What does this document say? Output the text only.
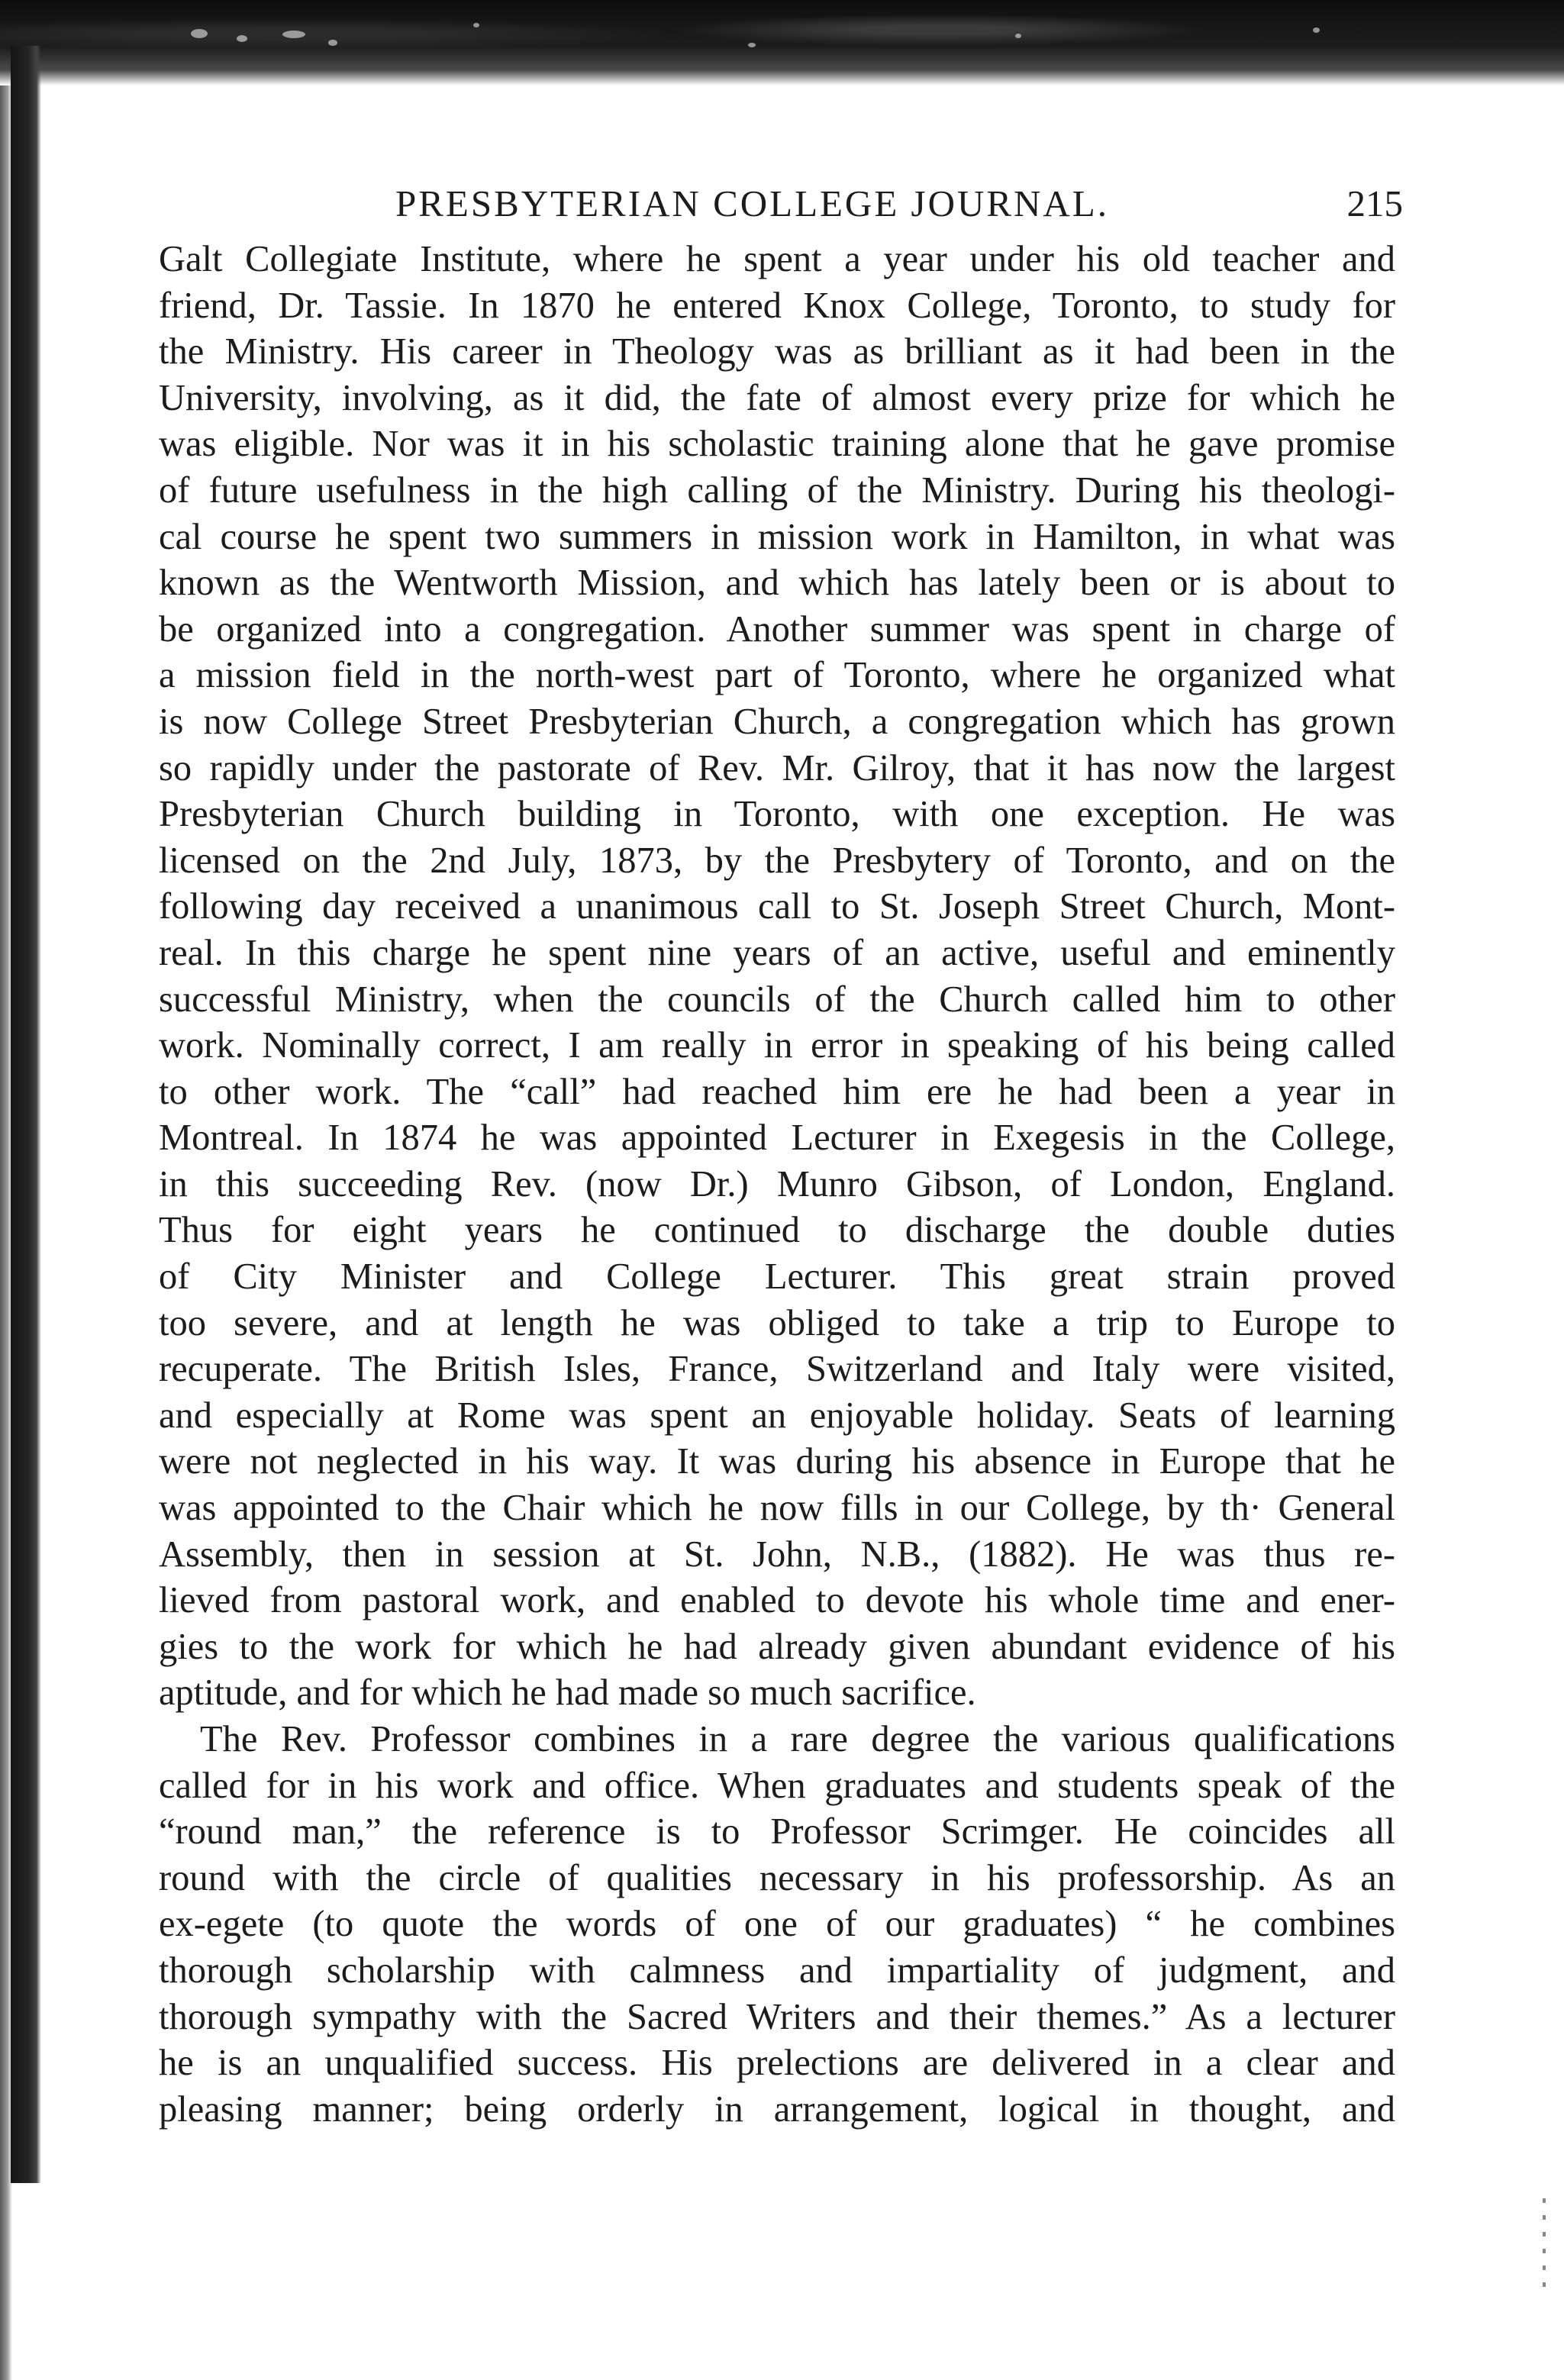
PRESBYTERIAN COLLEGE JOURNAL.	215
Galt Collegiate Institute, where he spent a year under his old teacher and
friend, Dr. Tassie. In 1870 he entered Knox College, Toronto, to study for
the Ministry. His career in Theology was as brilliant as it had been in the
University, involving, as it did, the fate of almost every prize for which he
was eligible. Nor was it in his scholastic training alone that he gave promise
of future usefulness in the high calling of the Ministry. During his theologi-
cal course he spent two summers in mission work in Hamilton, in what was
known as the Wentworth Mission, and which has lately been or is about to
be organized into a congregation. Another summer was spent in charge of
a mission field in the north-west part of Toronto, where he organized what
is now College Street Presbyterian Church, a congregation which has grown
so rapidly under the pastorate of Rev. Mr. Gilroy, that it has now the largest
Presbyterian Church building in Toronto, with one exception. He was
licensed on the 2nd July, 1873, by the Presbytery of Toronto, and on the
following day received a unanimous call to St. Joseph Street Church, Mont-
real. In this charge he spent nine years of an active, useful and eminently
successful Ministry, when the councils of the Church called him to other
work. Nominally correct, I am really in error in speaking of his being called
to other work. The “call” had reached him ere he had been a year in
Montreal. In 1874 he was appointed Lecturer in Exegesis in the College,
in this succeeding Rev. (now Dr.) Munro Gibson, of London, England.
Thus for eight years he continued to discharge the double duties
of City Minister and College Lecturer. This great strain proved
too severe, and at length he was obliged to take a trip to Europe to
recuperate. The British Isles, France, Switzerland and Italy were visited,
and especially at Rome was spent an enjoyable holiday. Seats of learning
were not neglected in his way. It was during his absence in Europe that he
was appointed to the Chair which he now fills in our College, by th· General
Assembly, then in session at St. John, N.B., (1882). He was thus re-
lieved from pastoral work, and enabled to devote his whole time and ener-
gies to the work for which he had already given abundant evidence of his
aptitude, and for which he had made so much sacrifice.
The Rev. Professor combines in a rare degree the various qualifications
called for in his work and office. When graduates and students speak of the
“round man,” the reference is to Professor Scrimger. He coincides all
round with the circle of qualities necessary in his professorship. As an
ex-egete (to quote the words of one of our graduates) “ he combines
thorough scholarship with calmness and impartiality of judgment, and
thorough sympathy with the Sacred Writers and their themes.” As a lecturer
he is an unqualified success. His prelections are delivered in a clear and
pleasing manner; being orderly in arrangement, logical in thought, and
